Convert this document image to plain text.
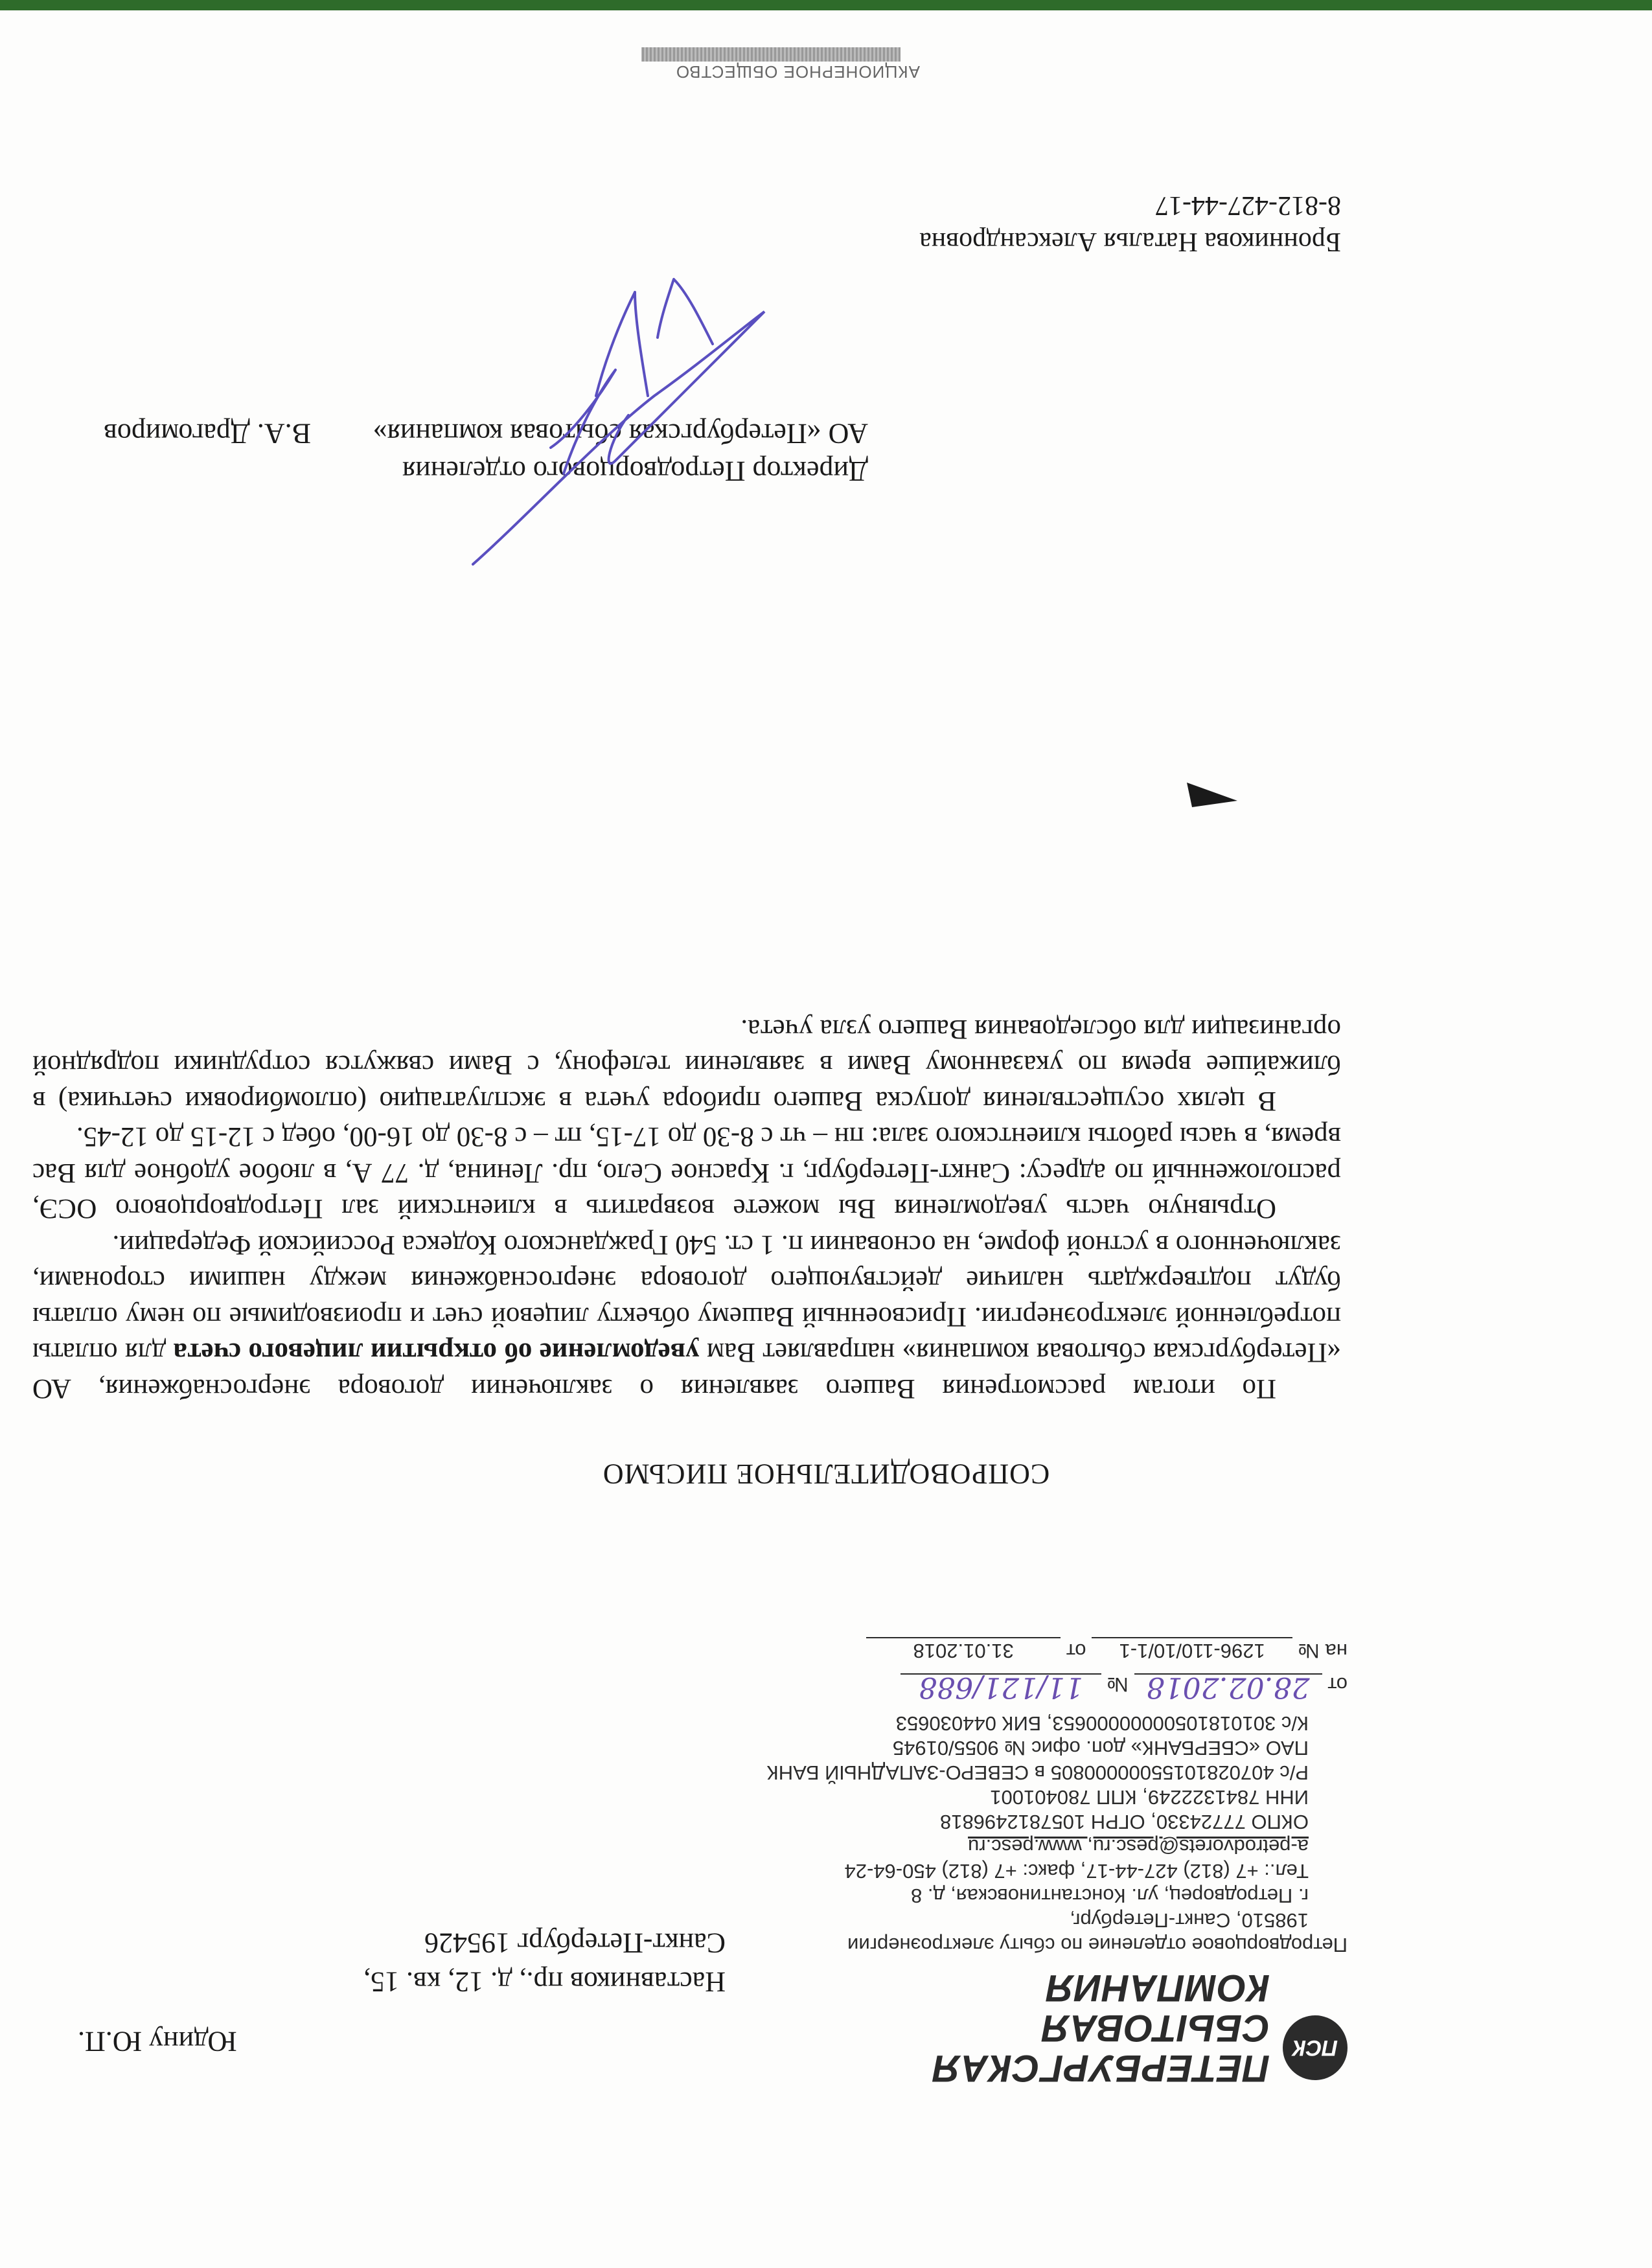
ПСК
ПЕТЕРБУРГСКАЯ
СБЫТОВАЯ
КОМПАНИЯ
Петродворцовое отделение по сбыту электроэнергии
198510, Санкт-Петербург,
г. Петродворец, ул. Константиновская, д. 8
Тел.: +7 (812) 427-44-17, факс: +7 (812) 450-64-24
a-petrodvorets@pesc.ru, www.pesc.ru
ОКПО 77724330, ОГРН 1057812496818
ИНН 7841322249, КПП 780401001
Р/с 40702810155000000805 в СЕВЕРО-ЗАПАДНЫЙ БАНК
ПАО «СБЕРБАНК» доп. офис № 9055/01945
К/с 30101810500000000653, БИК 044030653
от 28.02.2018 № 11/121/688
на № 1296-110/10/1-1 от 31.01.2018
Юдину Ю.П.
Наставников пр., д. 12, кв. 15,
Санкт-Петербург 195426
СОПРОВОДИТЕЛЬНОЕ ПИСЬМО

По итогам рассмотрения Вашего заявления о заключении договора энергоснабжения, АО «Петербургская сбытовая компания» направляет Вам уведомление об открытии лицевого счета для оплаты потребленной электроэнергии. Присвоенный Вашему объекту лицевой счет и производимые по нему оплаты будут подтверждать наличие действующего договора энергоснабжения между нашими сторонами, заключенного в устной форме, на основании п. 1 ст. 540 Гражданского Кодекса Российской Федерации.

Отрывную часть уведомления Вы можете возвратить в клиентский зал Петродворцового ОСЭ, расположенный по адресу: Санкт-Петербург, г. Красное Село, пр. Ленина, д. 77 А, в любое удобное для Вас время, в часы работы клиентского зала: пн – чт с 8-30 до 17-15, пт – с 8-30 до 16-00, обед с 12-15 до 12-45.

В целях осуществления допуска Вашего прибора учета в эксплуатацию (опломбировки счетчика) в ближайшее время по указанному Вами в заявлении телефону, с Вами свяжутся сотрудники подрядной организации для обследования Вашего узла учета.

Директор Петродворцового отделения
АО «Петербургская сбытовая компания»
В.А. Драгомиров
Бронникова Наталья Александровна
8-812-427-44-17
АКЦИОНЕРНОЕ ОБЩЕСТВО
